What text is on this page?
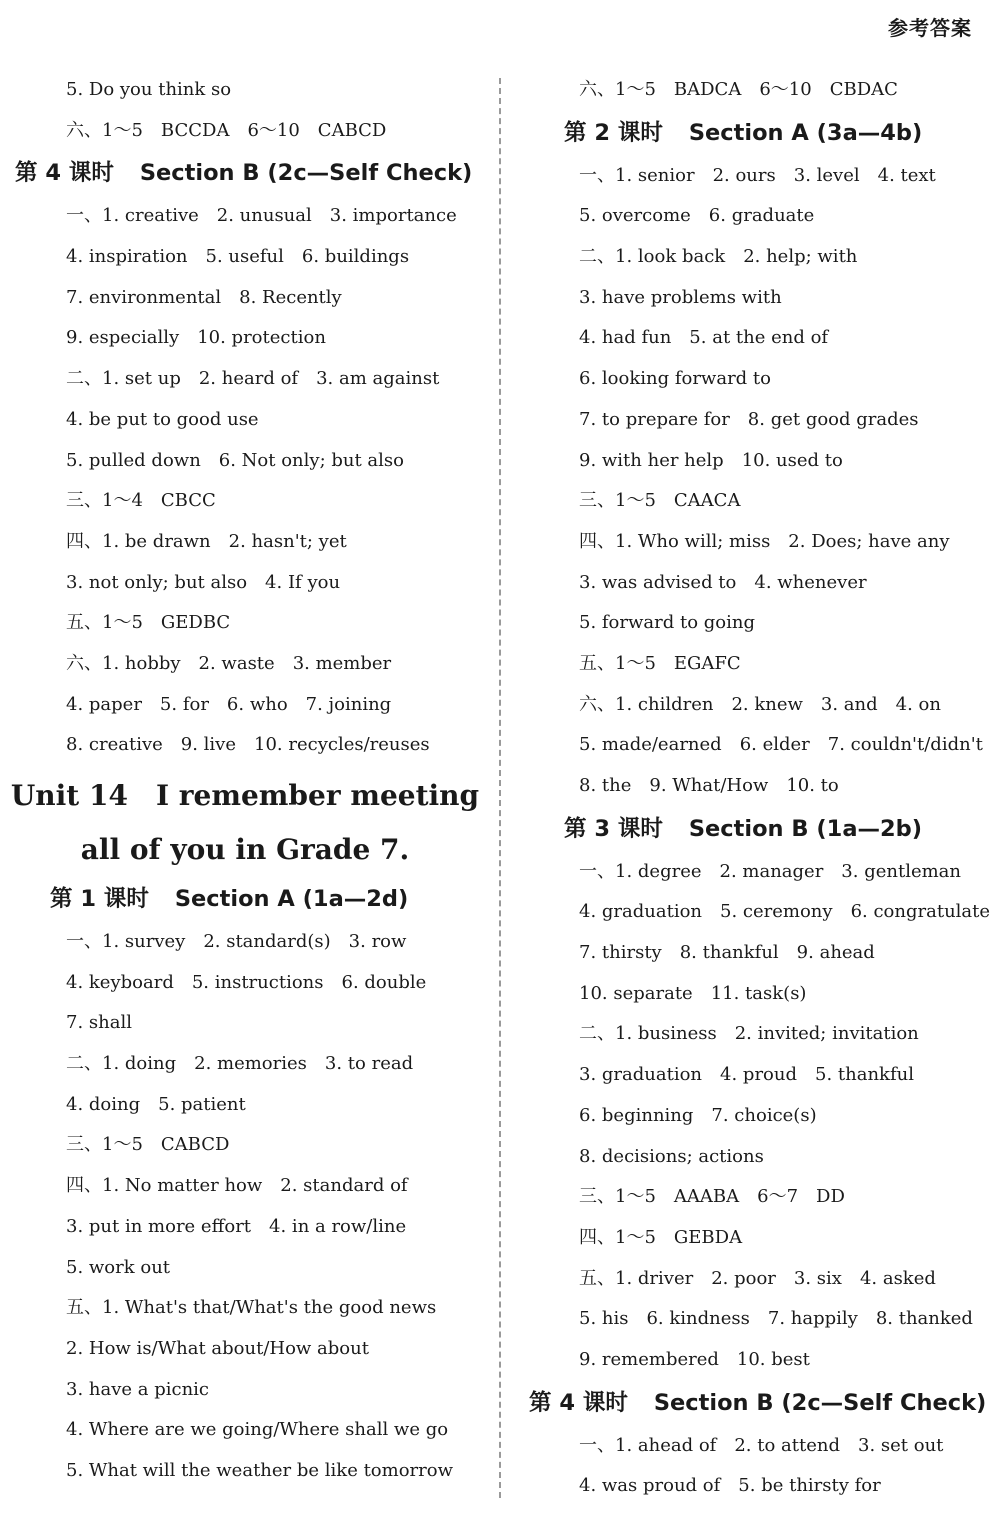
参考答案
5. Do you think so
六、1～5　BCCDA　6～10　CABCD
第 4 课时 Section B (2c—Self Check)
一、1. creative　2. unusual　3. importance
4. inspiration　5. useful　6. buildings
7. environmental　8. Recently
9. especially　10. protection
二、1. set up　2. heard of　3. am against
4. be put to good use
5. pulled down　6. Not only; but also
三、1～4　CBCC
四、1. be drawn　2. hasn't; yet
3. not only; but also　4. If you
五、1～5　GEDBC
六、1. hobby　2. waste　3. member
4. paper　5. for　6. who　7. joining
8. creative　9. live　10. recycles/reuses
Unit 14　I remember meeting
all of you in Grade 7.
第 1 课时 Section A (1a—2d)
一、1. survey　2. standard(s)　3. row
4. keyboard　5. instructions　6. double
7. shall
二、1. doing　2. memories　3. to read
4. doing　5. patient
三、1～5　CABCD
四、1. No matter how　2. standard of
3. put in more effort　4. in a row/line
5. work out
五、1. What's that/What's the good news
2. How is/What about/How about
3. have a picnic
4. Where are we going/Where shall we go
5. What will the weather be like tomorrow
六、1～5　BADCA　6～10　CBDAC
第 2 课时 Section A (3a—4b)
一、1. senior　2. ours　3. level　4. text
5. overcome　6. graduate
二、1. look back　2. help; with
3. have problems with
4. had fun　5. at the end of
6. looking forward to
7. to prepare for　8. get good grades
9. with her help　10. used to
三、1～5　CAACA
四、1. Who will; miss　2. Does; have any
3. was advised to　4. whenever
5. forward to going
五、1～5　EGAFC
六、1. children　2. knew　3. and　4. on
5. made/earned　6. elder　7. couldn't/didn't
8. the　9. What/How　10. to
第 3 课时 Section B (1a—2b)
一、1. degree　2. manager　3. gentleman
4. graduation　5. ceremony　6. congratulate
7. thirsty　8. thankful　9. ahead
10. separate　11. task(s)
二、1. business　2. invited; invitation
3. graduation　4. proud　5. thankful
6. beginning　7. choice(s)
8. decisions; actions
三、1～5　AAABA　6～7　DD
四、1～5　GEBDA
五、1. driver　2. poor　3. six　4. asked
5. his　6. kindness　7. happily　8. thanked
9. remembered　10. best
第 4 课时 Section B (2c—Self Check)
一、1. ahead of　2. to attend　3. set out
4. was proud of　5. be thirsty for
